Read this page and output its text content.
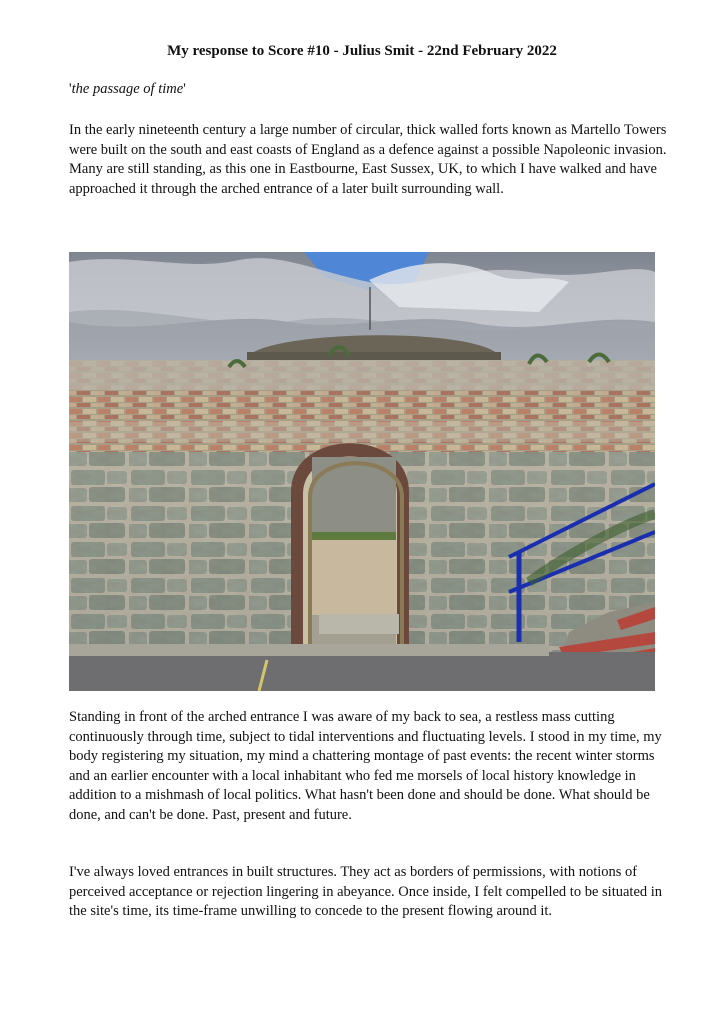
My response to Score #10 - Julius Smit - 22nd February 2022
'the passage of time'

In the early nineteenth century a large number of circular, thick walled forts known as Martello Towers were built on the south and east coasts of England as a defence against a possible Napoleonic invasion. Many are still standing, as this one in Eastbourne, East Sussex, UK, to which I have walked and have approached it through the arched entrance of a later built surrounding wall.

Standing in front of the arched entrance I was aware of my back to sea, a restless mass cutting continuously through time, subject to tidal interventions and fluctuating levels. I stood in my time, my body registering my situation, my mind a chattering montage of past events: the recent winter storms and an earlier encounter with a local inhabitant who fed me morsels of local history knowledge in addition to a mishmash of local politics. What hasn't been done and should be done. What should be done, and can't be done. Past, present and future.

I've always loved entrances in built structures. They act as borders of permissions, with notions of perceived acceptance or rejection lingering in abeyance. Once inside, I felt compelled to be situated in the site's time, its time-frame unwilling to concede to the present flowing around it.
